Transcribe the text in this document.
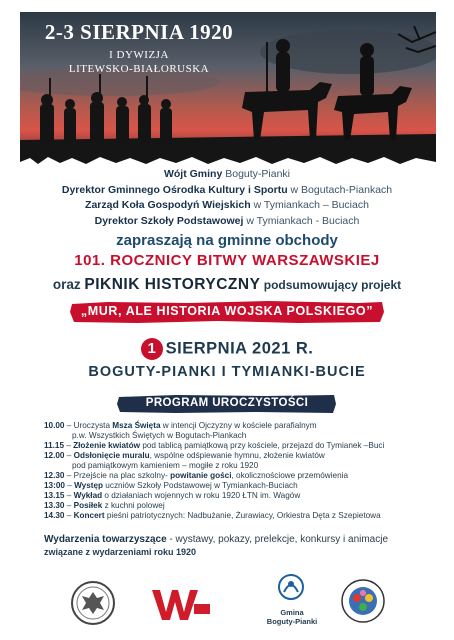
2-3 SIERPNIA 1920
I DYWIZJA
LITEWSKO-BIAŁORUSKA
Wójt Gminy Boguty-Pianki
Dyrektor Gminnego Ośrodka Kultury i Sportu w Bogutach-Piankach
Zarząd Koła Gospodyń Wiejskich w Tymiankach – Buciach
Dyrektor Szkoły Podstawowej w Tymiankach - Buciach
zapraszają na gminne obchody
101. ROCZNICY BITWY WARSZAWSKIEJ
oraz PIKNIK HISTORYCZNY podsumowujący projekt
„MUR, ALE HISTORIA WOJSKA POLSKIEGO”
1 SIERPNIA 2021 R.
BOGUTY-PIANKI I TYMIANKI-BUCIE
PROGRAM UROCZYSTOŚCI
10.00 – Uroczysta Msza Święta w intencji Ojczyzny w kościele parafialnym
p.w. Wszystkich Świętych w Bogutach-Piankach
11.15 – Złożenie kwiatów pod tablicą pamiątkową przy kościele, przejazd do Tymianek –Buci
12.00 – Odsłonięcie muralu, wspólne odśpiewanie hymnu, złożenie kwiatów
pod pamiątkowym kamieniem – mogiłe z roku 1920
12.30 – Przejście na plac szkolny- powitanie gości, okolicznościowe przemówienia
13:00 – Występ uczniów Szkoły Podstawowej w Tymiankach-Buciach
13.15 – Wykład o działaniach wojennych w roku 1920 ŁTN im. Wagów
13.30 – Posiłek z kuchni polowej
14.30 – Koncert pieśni patriotycznych: Nadbużanie, Żurawiacy, Orkiestra Dęta z Szepietowa
Wydarzenia towarzyszące - wystawy, pokazy, prelekcje, konkursy i animacje
związane z wydarzeniami roku 1920
Gmina
Boguty-Pianki
